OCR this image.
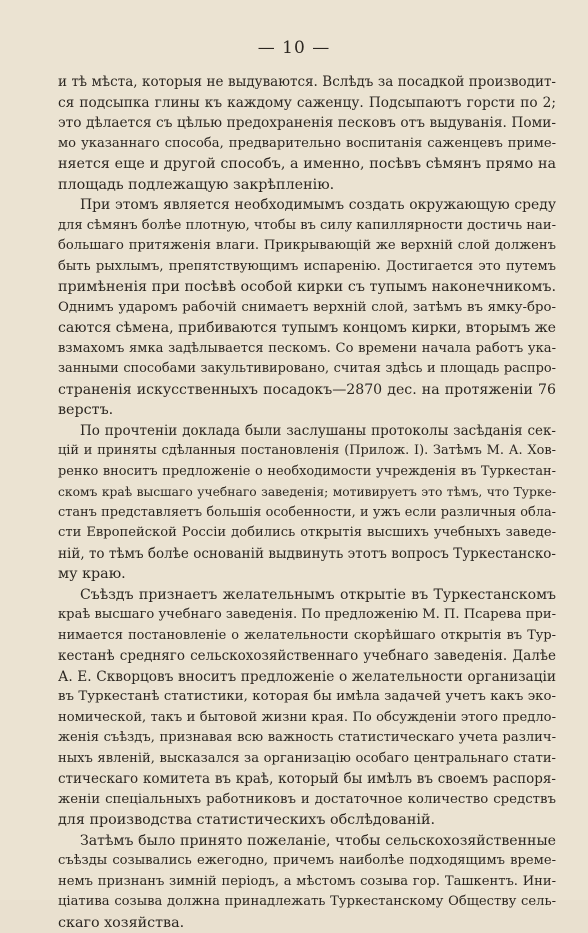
— 10 —
и тѣ мѣста, которыя не выдуваются. Вслѣдъ за посадкой производит-
ся подсыпка глины къ каждому саженцу. Подсыпаютъ горсти по 2;
это дѣлается съ цѣлью предохраненія песковъ отъ выдуванія. Поми-
мо указаннаго способа, предварительно воспитанія саженцевъ приме-
няется еще и другой способъ, а именно, посѣвъ сѣмянъ прямо на
площадь подлежащую закрѣпленію.
При этомъ является необходимымъ создать окружающую среду
для сѣмянъ болѣе плотную, чтобы въ силу капиллярности достичь наи-
большаго притяженія влаги. Прикрывающій же верхній слой долженъ
быть рыхлымъ, препятствующимъ испаренію. Достигается это путемъ
примѣненія при посѣвѣ особой кирки съ тупымъ наконечникомъ.
Однимъ ударомъ рабочій снимаетъ верхній слой, затѣмъ въ ямку-бро-
саются сѣмена, прибиваются тупымъ концомъ кирки, вторымъ же
взмахомъ ямка задѣлывается пескомъ. Со времени начала работъ ука-
занными способами закультивировано, считая здѣсь и площадь распро-
страненія искусственныхъ посадокъ—2870 дес. на протяженіи 76
верстъ.
По прочтеніи доклада были заслушаны протоколы засѣданія сек-
цій и приняты сдѣланныя постановленія (Прилож. I). Затѣмъ М. А. Хов-
ренко вноситъ предложеніе о необходимости учрежденія въ Туркестан-
скомъ краѣ высшаго учебнаго заведенія; мотивируетъ это тѣмъ, что Турке-
станъ представляетъ большія особенности, и ужъ если различныя обла-
сти Европейской Россіи добились открытія высшихъ учебныхъ заведе-
ній, то тѣмъ болѣе основаній выдвинуть этотъ вопросъ Туркестанско-
му краю.
Съѣздъ признаетъ желательнымъ открытіе въ Туркестанскомъ
краѣ высшаго учебнаго заведенія. По предложенію М. П. Псарева при-
нимается постановленіе о желательности скорѣйшаго открытія въ Тур-
кестанѣ средняго сельскохозяйственнаго учебнаго заведенія. Далѣе
А. Е. Скворцовъ вноситъ предложеніе о желательности организаціи
въ Туркестанѣ статистики, которая бы имѣла задачей учетъ какъ эко-
номической, такъ и бытовой жизни края. По обсужденіи этого предло-
женія съѣздъ, признавая всю важность статистическаго учета различ-
ныхъ явленій, высказался за организацію особаго центральнаго стати-
стическаго комитета въ краѣ, который бы имѣлъ въ своемъ распоря-
женіи спеціальныхъ работниковъ и достаточное количество средствъ
для производства статистическихъ обслѣдованій.
Затѣмъ было принято пожеланіе, чтобы сельскохозяйственные
съѣзды созывались ежегодно, причемъ наиболѣе подходящимъ време-
немъ признанъ зимній періодъ, а мѣстомъ созыва гор. Ташкентъ. Ини-
ціатива созыва должна принадлежать Туркестанскому Обществу сель-
скаго хозяйства.
